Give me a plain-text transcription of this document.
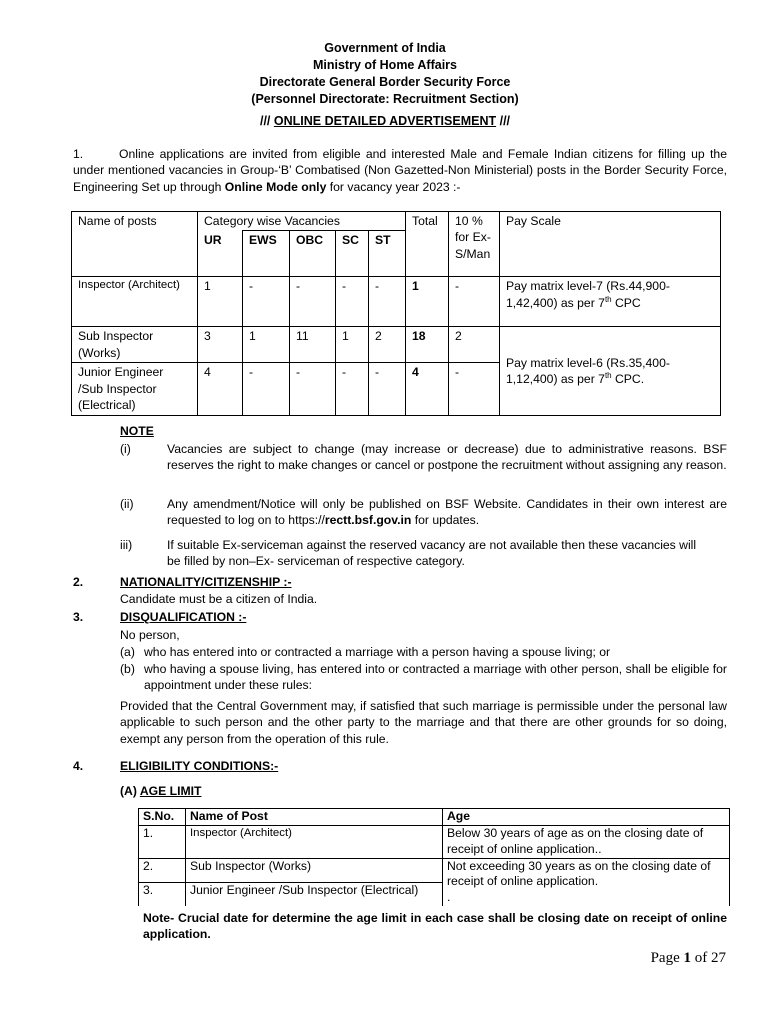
Government of India
Ministry of Home Affairs
Directorate General Border Security Force
(Personnel Directorate: Recruitment Section)
/// ONLINE DETAILED ADVERTISEMENT ///
1.	Online applications are invited from eligible and interested Male and Female Indian citizens for filling up the under mentioned vacancies in Group-‘B’ Combatised (Non Gazetted-Non Ministerial) posts in the Border Security Force, Engineering Set up through Online Mode only for vacancy year 2023 :-
Name of posts	Category wise Vacancies					Total	10 % for Ex-S/Man	Pay Scale
	UR	EWS	OBC	SC	ST			
Inspector (Architect)	1	-	-	-	-	1	-	Pay matrix level-7 (Rs.44,900-1,42,400) as per 7th CPC
Sub Inspector (Works)	3	1	11	1	2	18	2	Pay matrix level-6 (Rs.35,400-1,12,400) as per 7th CPC.
Junior Engineer /Sub Inspector (Electrical)	4	-	-	-	-	4	-	
NOTE
(i)	Vacancies are subject to change (may increase or decrease) due to administrative reasons. BSF reserves the right to make changes or cancel or postpone the recruitment without assigning any reason.
(ii)	Any amendment/Notice will only be published on BSF Website. Candidates in their own interest are requested to log on to https://rectt.bsf.gov.in for updates.
iii)	If suitable Ex-serviceman against the reserved vacancy are not available then these vacancies will be filled by non–Ex- serviceman of respective category.
2.	NATIONALITY/CITIZENSHIP :-
Candidate must be a citizen of India.
3.	DISQUALIFICATION :-
No person,
(a) who has entered into or contracted a marriage with a person having a spouse living; or
(b) who having a spouse living, has entered into or contracted a marriage with other person, shall be eligible for appointment under these rules:
Provided that the Central Government may, if satisfied that such marriage is permissible under the personal law applicable to such person and the other party to the marriage and that there are other grounds for so doing, exempt any person from the operation of this rule.
4.	ELIGIBILITY CONDITIONS:-
(A) AGE LIMIT
S.No.	Name of Post	Age
1.	Inspector (Architect)	Below 30 years of age as on the closing date of receipt of online application..
2.	Sub Inspector (Works)	Not exceeding 30 years as on the closing date of receipt of online application.
.
3.	Junior Engineer /Sub Inspector (Electrical)	
Note- Crucial date for determine the age limit in each case shall be closing date on receipt of online application.
Page 1 of 27
